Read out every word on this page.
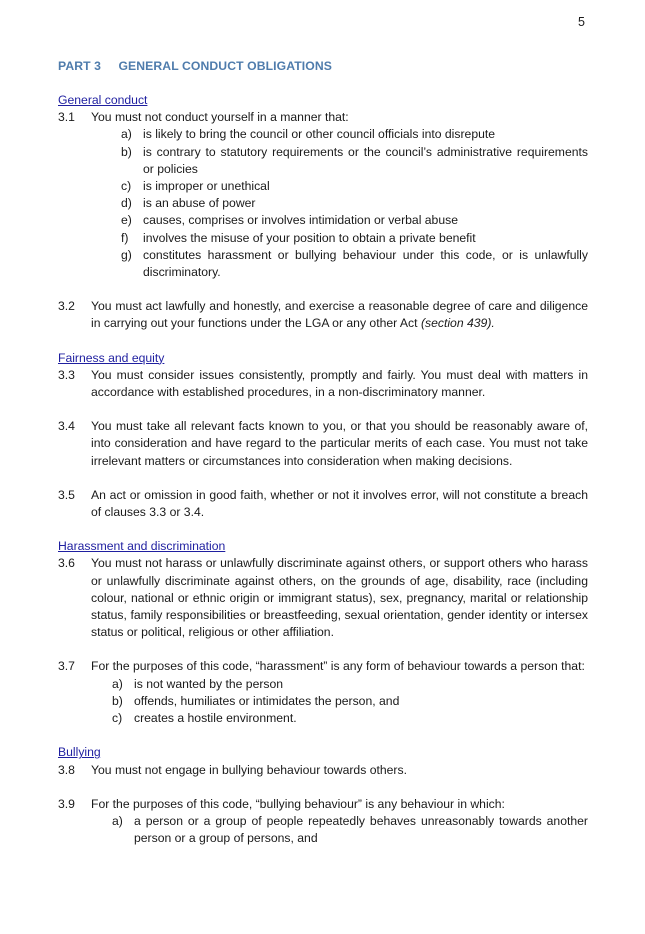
5
PART 3     GENERAL CONDUCT OBLIGATIONS
General conduct
3.1	You must not conduct yourself in a manner that:
a) is likely to bring the council or other council officials into disrepute
b) is contrary to statutory requirements or the council’s administrative requirements or policies
c) is improper or unethical
d) is an abuse of power
e) causes, comprises or involves intimidation or verbal abuse
f)	involves the misuse of your position to obtain a private benefit
g) constitutes harassment or bullying behaviour under this code, or is unlawfully discriminatory.
3.2	You must act lawfully and honestly, and exercise a reasonable degree of care and diligence in carrying out your functions under the LGA or any other Act (section 439).
Fairness and equity
3.3	You must consider issues consistently, promptly and fairly. You must deal with matters in accordance with established procedures, in a non-discriminatory manner.
3.4	You must take all relevant facts known to you, or that you should be reasonably aware of, into consideration and have regard to the particular merits of each case. You must not take irrelevant matters or circumstances into consideration when making decisions.
3.5	An act or omission in good faith, whether or not it involves error, will not constitute a breach of clauses 3.3 or 3.4.
Harassment and discrimination
3.6	You must not harass or unlawfully discriminate against others, or support others who harass or unlawfully discriminate against others, on the grounds of age, disability, race (including colour, national or ethnic origin or immigrant status), sex, pregnancy, marital or relationship status, family responsibilities or breastfeeding, sexual orientation, gender identity or intersex status or political, religious or other affiliation.
3.7	For the purposes of this code, “harassment” is any form of behaviour towards a person that:
a) is not wanted by the person
b) offends, humiliates or intimidates the person, and
c) creates a hostile environment.
Bullying
3.8	You must not engage in bullying behaviour towards others.
3.9	For the purposes of this code, “bullying behaviour” is any behaviour in which:
a) a person or a group of people repeatedly behaves unreasonably towards another person or a group of persons, and
